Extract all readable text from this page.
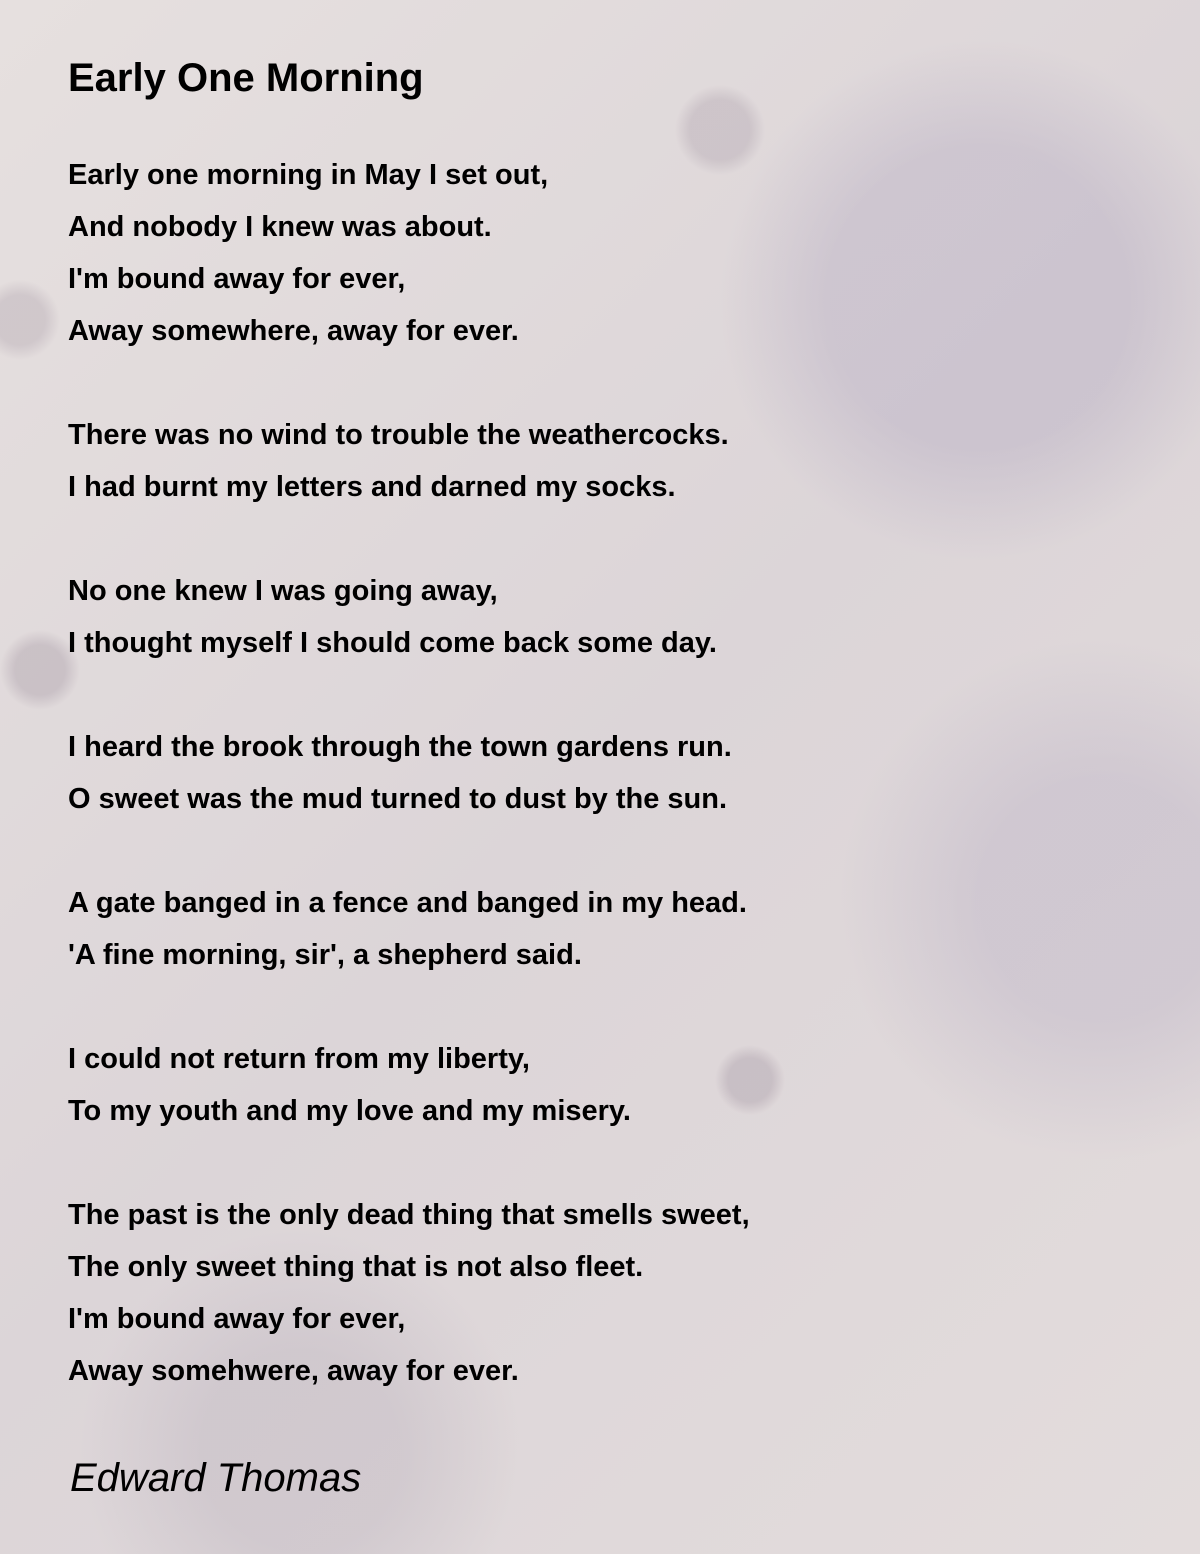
Early One Morning
Early one morning in May I set out,
And nobody I knew was about.
I'm bound away for ever,
Away somewhere, away for ever.
There was no wind to trouble the weathercocks.
I had burnt my letters and darned my socks.
No one knew I was going away,
I thought myself I should come back some day.
I heard the brook through the town gardens run.
O sweet was the mud turned to dust by the sun.
A gate banged in a fence and banged in my head.
'A fine morning, sir', a shepherd said.
I could not return from my liberty,
To my youth and my love and my misery.
The past is the only dead thing that smells sweet,
The only sweet thing that is not also fleet.
I'm bound away for ever,
Away somehwere, away for ever.
Edward Thomas
